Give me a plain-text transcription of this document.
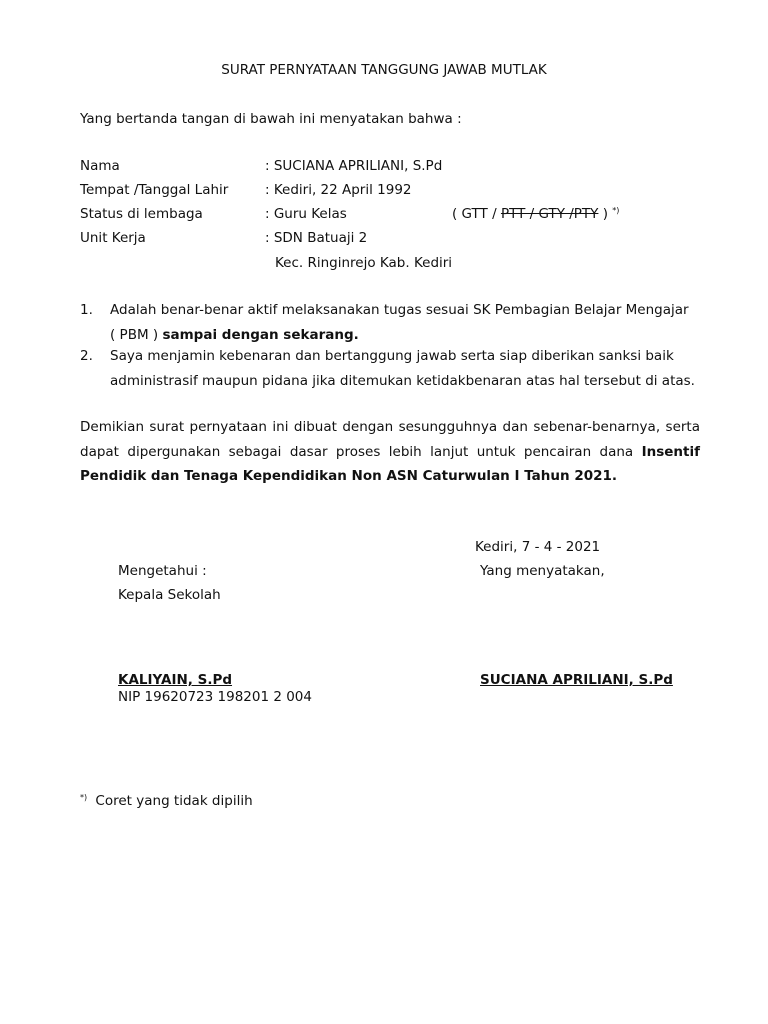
SURAT PERNYATAAN TANGGUNG JAWAB MUTLAK
Yang bertanda tangan di bawah ini menyatakan bahwa :
Nama	: SUCIANA APRILIANI, S.Pd
Tempat /Tanggal Lahir	: Kediri, 22 April 1992
Status di lembaga	: Guru Kelas	( GTT / PTT / GTY /PTY ) *)
Unit Kerja	: SDN Batuaji 2
Kec. Ringinrejo Kab. Kediri
1. Adalah benar-benar aktif melaksanakan tugas sesuai SK Pembagian Belajar Mengajar
( PBM ) sampai dengan sekarang.
2. Saya menjamin kebenaran dan bertanggung jawab serta siap diberikan sanksi baik
administrasif maupun pidana jika ditemukan ketidakbenaran atas hal tersebut di atas.
Demikian surat pernyataan ini dibuat dengan sesungguhnya dan sebenar-benarnya, serta
dapat dipergunakan sebagai dasar proses lebih lanjut untuk pencairan dana Insentif
Pendidik dan Tenaga Kependidikan Non ASN Caturwulan I Tahun 2021.
Kediri, 7 - 4 - 2021
Mengetahui :	Yang menyatakan,
Kepala Sekolah
KALIYAIN, S.Pd
NIP 19620723 198201 2 004
SUCIANA APRILIANI, S.Pd
*) Coret yang tidak dipilih
